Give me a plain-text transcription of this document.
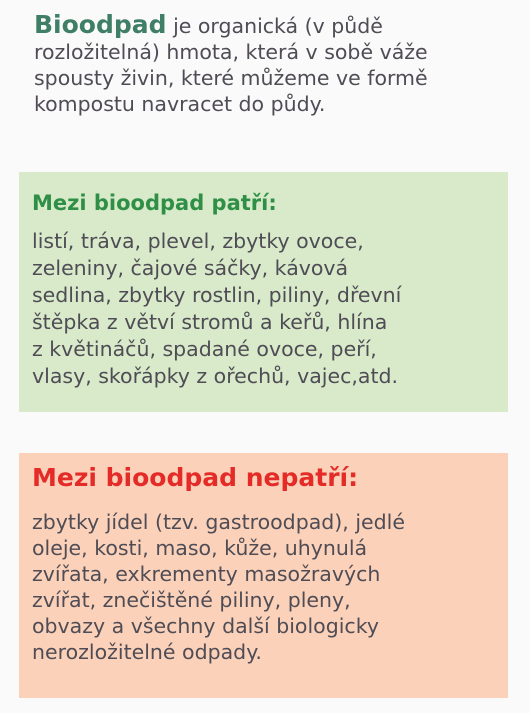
Bioodpad je organická (v půdě rozložitelná) hmota, která v sobě váže spousty živin, které můžeme ve formě kompostu navracet do půdy.
Mezi bioodpad patří:
listí, tráva, plevel, zbytky ovoce,
zeleniny, čajové sáčky, kávová
sedlina, zbytky rostlin, piliny, dřevní
štěpka z větví stromů a keřů, hlína
z květináčů, spadané ovoce, peří,
vlasy, skořápky z ořechů, vajec,atd.
Mezi bioodpad nepatří:
zbytky jídel (tzv. gastroodpad), jedlé
oleje, kosti, maso, kůže, uhynulá
zvířata, exkrementy masožravých
zvířat, znečištěné piliny, pleny,
obvazy a všechny další biologicky
nerozložitelné odpady.
